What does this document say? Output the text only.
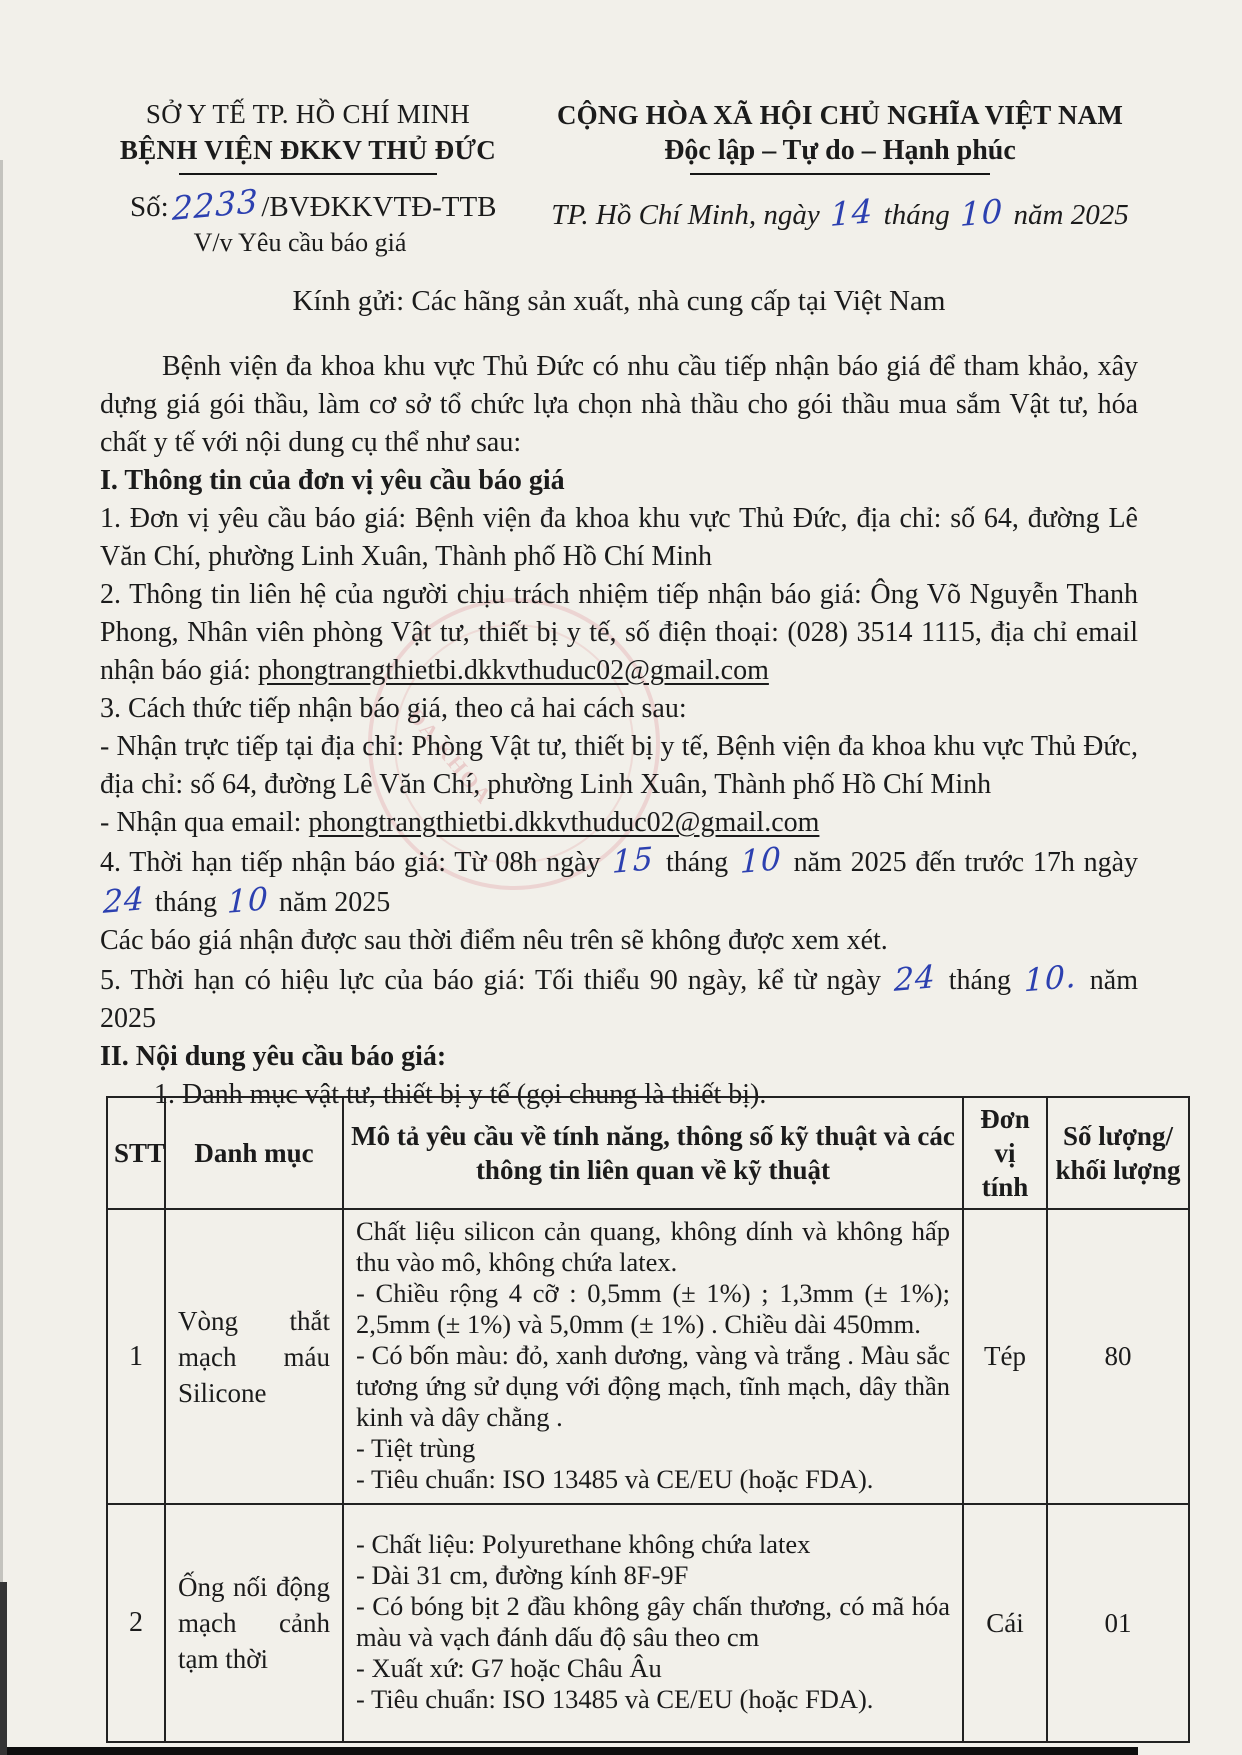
ĐA KHOA
SỞ Y TẾ TP. HỒ CHÍ MINH
BỆNH VIỆN ĐKKV THỦ ĐỨC
Số:2233/BVĐKKVTĐ-TTB
V/v Yêu cầu báo giá
CỘNG HÒA XÃ HỘI CHỦ NGHĨA VIỆT NAM
Độc lập – Tự do – Hạnh phúc
TP. Hồ Chí Minh, ngày 14 tháng 10 năm 2025
Kính gửi: Các hãng sản xuất, nhà cung cấp tại Việt Nam

Bệnh viện đa khoa khu vực Thủ Đức có nhu cầu tiếp nhận báo giá để tham khảo, xây dựng giá gói thầu, làm cơ sở tổ chức lựa chọn nhà thầu cho gói thầu mua sắm Vật tư, hóa chất y tế với nội dung cụ thể như sau:

I. Thông tin của đơn vị yêu cầu báo giá

1. Đơn vị yêu cầu báo giá: Bệnh viện đa khoa khu vực Thủ Đức, địa chỉ: số 64, đường Lê Văn Chí, phường Linh Xuân, Thành phố Hồ Chí Minh

2. Thông tin liên hệ của người chịu trách nhiệm tiếp nhận báo giá: Ông Võ Nguyễn Thanh Phong, Nhân viên phòng Vật tư, thiết bị y tế, số điện thoại: (028) 3514 1115, địa chỉ email nhận báo giá: phongtrangthietbi.dkkvthuduc02@gmail.com

3. Cách thức tiếp nhận báo giá, theo cả hai cách sau:

- Nhận trực tiếp tại địa chỉ: Phòng Vật tư, thiết bị y tế, Bệnh viện đa khoa khu vực Thủ Đức, địa chỉ: số 64, đường Lê Văn Chí, phường Linh Xuân, Thành phố Hồ Chí Minh

- Nhận qua email: phongtrangthietbi.dkkvthuduc02@gmail.com

4. Thời hạn tiếp nhận báo giá: Từ 08h ngày 15 tháng 10 năm 2025 đến trước 17h ngày 24 tháng 10 năm 2025

Các báo giá nhận được sau thời điểm nêu trên sẽ không được xem xét.

5. Thời hạn có hiệu lực của báo giá: Tối thiểu 90 ngày, kể từ ngày 24 tháng 10. năm 2025

II. Nội dung yêu cầu báo giá:

1. Danh mục vật tư, thiết bị y tế (gọi chung là thiết bị).

STT	Danh mục	Mô tả yêu cầu về tính năng, thông số kỹ thuật và các thông tin liên quan về kỹ thuật	Đơn vị tính	Số lượng/ khối lượng
1	Vòng thắt mạch máu Silicone	Chất liệu silicon cản quang, không dính và không hấp thu vào mô, không chứa latex.
- Chiều rộng 4 cỡ : 0,5mm (± 1%) ; 1,3mm (± 1%); 2,5mm (± 1%) và 5,0mm (± 1%) . Chiều dài 450mm.
- Có bốn màu: đỏ, xanh dương, vàng và trắng . Màu sắc tương ứng sử dụng với động mạch, tĩnh mạch, dây thần kinh và dây chằng .
- Tiệt trùng
- Tiêu chuẩn: ISO 13485 và CE/EU (hoặc FDA).	Tép	80
2	Ống nối động mạch cảnh tạm thời	- Chất liệu: Polyurethane không chứa latex
- Dài 31 cm, đường kính 8F-9F
- Có bóng bịt 2 đầu không gây chấn thương, có mã hóa màu và vạch đánh dấu độ sâu theo cm
- Xuất xứ: G7 hoặc Châu Âu
- Tiêu chuẩn: ISO 13485 và CE/EU (hoặc FDA).	Cái	01
